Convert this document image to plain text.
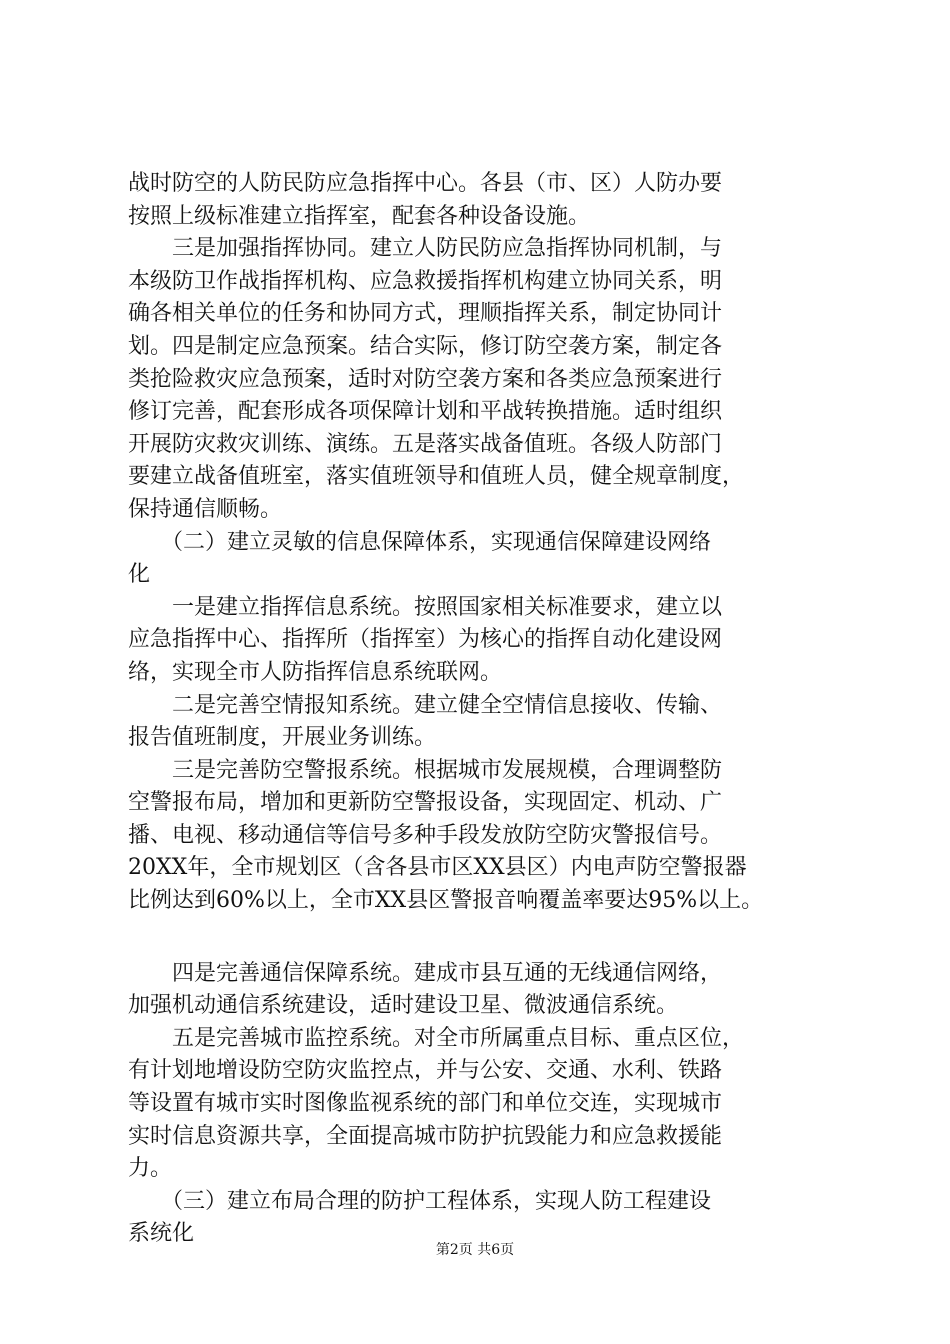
战时防空的人防民防应急指挥中心。各县（市、区）人防办要
按照上级标准建立指挥室，配套各种设备设施。
　　三是加强指挥协同。建立人防民防应急指挥协同机制，与
本级防卫作战指挥机构、应急救援指挥机构建立协同关系，明
确各相关单位的任务和协同方式，理顺指挥关系，制定协同计
划。四是制定应急预案。结合实际，修订防空袭方案，制定各
类抢险救灾应急预案，适时对防空袭方案和各类应急预案进行
修订完善，配套形成各项保障计划和平战转换措施。适时组织
开展防灾救灾训练、演练。五是落实战备值班。各级人防部门
要建立战备值班室，落实值班领导和值班人员，健全规章制度，
保持通信顺畅。
　　（二）建立灵敏的信息保障体系，实现通信保障建设网络
化
　　一是建立指挥信息系统。按照国家相关标准要求，建立以
应急指挥中心、指挥所（指挥室）为核心的指挥自动化建设网
络，实现全市人防指挥信息系统联网。
　　二是完善空情报知系统。建立健全空情信息接收、传输、
报告值班制度，开展业务训练。
　　三是完善防空警报系统。根据城市发展规模，合理调整防
空警报布局，增加和更新防空警报设备，实现固定、机动、广
播、电视、移动通信等信号多种手段发放防空防灾警报信号。
20XX年，全市规划区（含各县市区XX县区）内电声防空警报器
比例达到60%以上，全市XX县区警报音响覆盖率要达95%以上。
　　四是完善通信保障系统。建成市县互通的无线通信网络，
加强机动通信系统建设，适时建设卫星、微波通信系统。
　　五是完善城市监控系统。对全市所属重点目标、重点区位，
有计划地增设防空防灾监控点，并与公安、交通、水利、铁路
等设置有城市实时图像监视系统的部门和单位交连，实现城市
实时信息资源共享，全面提高城市防护抗毁能力和应急救援能
力。
　　（三）建立布局合理的防护工程体系，实现人防工程建设
系统化
第2页 共6页
